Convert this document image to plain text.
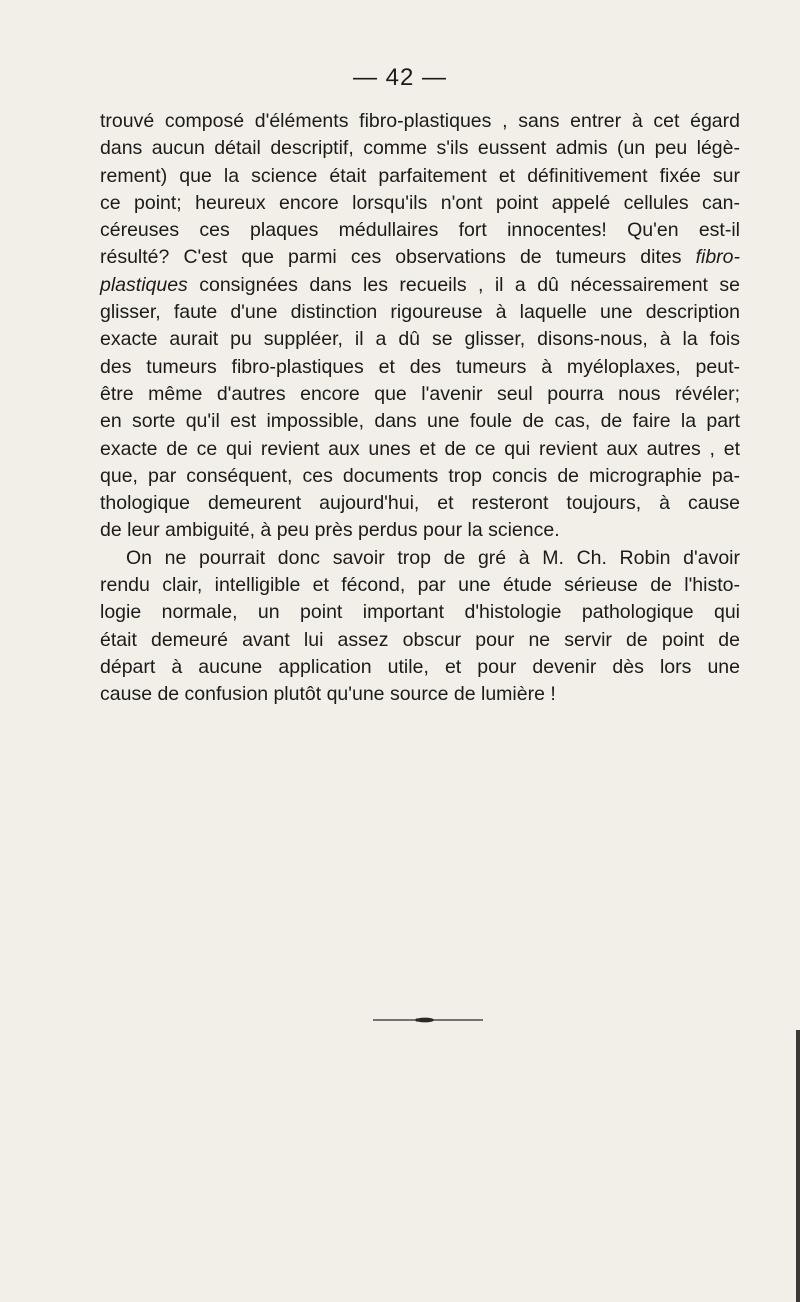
— 42 —
trouvé composé d'éléments fibro-plastiques , sans entrer à cet égard
dans aucun détail descriptif, comme s'ils eussent admis (un peu légè-
rement) que la science était parfaitement et définitivement fixée sur
ce point; heureux encore lorsqu'ils n'ont point appelé cellules can-
céreuses ces plaques médullaires fort innocentes! Qu'en est-il
résulté? C'est que parmi ces observations de tumeurs dites fibro-
plastiques consignées dans les recueils , il a dû nécessairement se
glisser, faute d'une distinction rigoureuse à laquelle une description
exacte aurait pu suppléer, il a dû se glisser, disons-nous, à la fois
des tumeurs fibro-plastiques et des tumeurs à myéloplaxes, peut-
être même d'autres encore que l'avenir seul pourra nous révéler;
en sorte qu'il est impossible, dans une foule de cas, de faire la part
exacte de ce qui revient aux unes et de ce qui revient aux autres , et
que, par conséquent, ces documents trop concis de micrographie pa-
thologique demeurent aujourd'hui, et resteront toujours, à cause
de leur ambiguité, à peu près perdus pour la science.
On ne pourrait donc savoir trop de gré à M. Ch. Robin d'avoir
rendu clair, intelligible et fécond, par une étude sérieuse de l'histo-
logie normale, un point important d'histologie pathologique qui
était demeuré avant lui assez obscur pour ne servir de point de
départ à aucune application utile, et pour devenir dès lors une
cause de confusion plutôt qu'une source de lumière !
